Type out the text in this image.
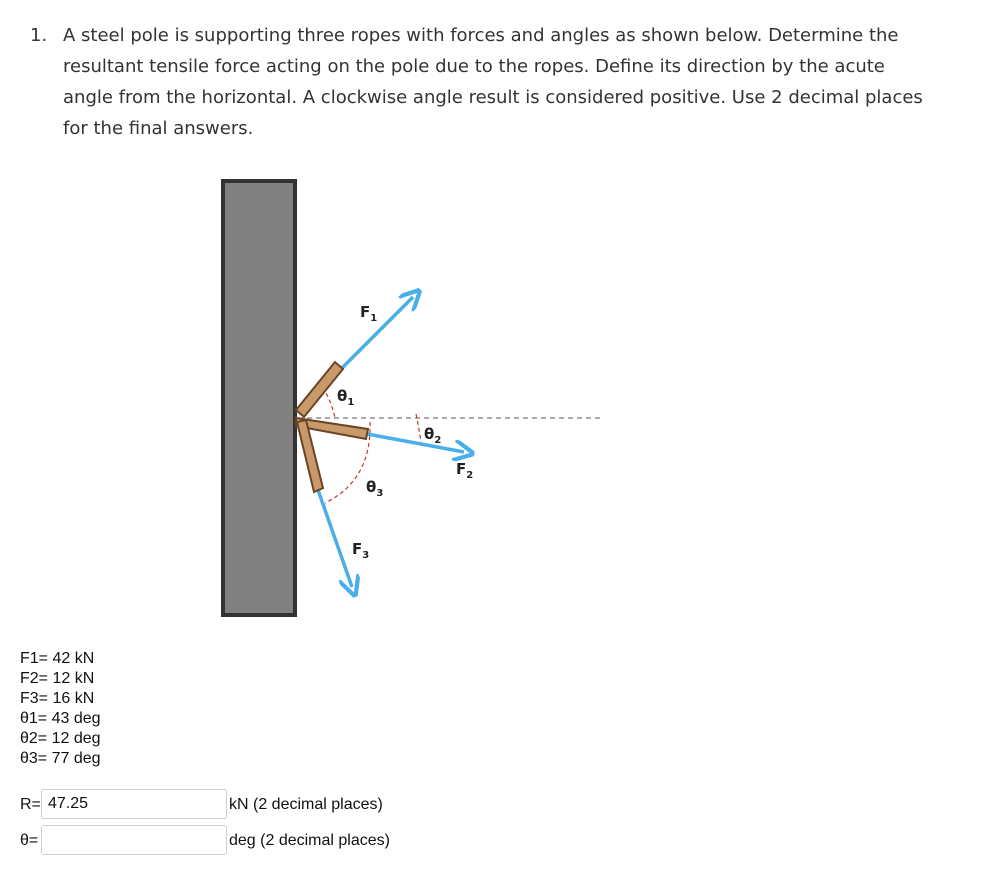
1. A steel pole is supporting three ropes with forces and angles as shown below. Determine the resultant tensile force acting on the pole due to the ropes. Define its direction by the acute angle from the horizontal. A clockwise angle result is considered positive. Use 2 decimal places for the final answers.
$F_1$
$\theta_1$
$\theta_2$
$F_2$
$\theta_3$
$F_3$
F1= 42 kN
F2= 12 kN
F3= 16 kN
θ1= 43 deg
θ2= 12 deg
θ3= 77 deg
R=
47.25	kN (2 decimal places)
θ=	deg (2 decimal places)
